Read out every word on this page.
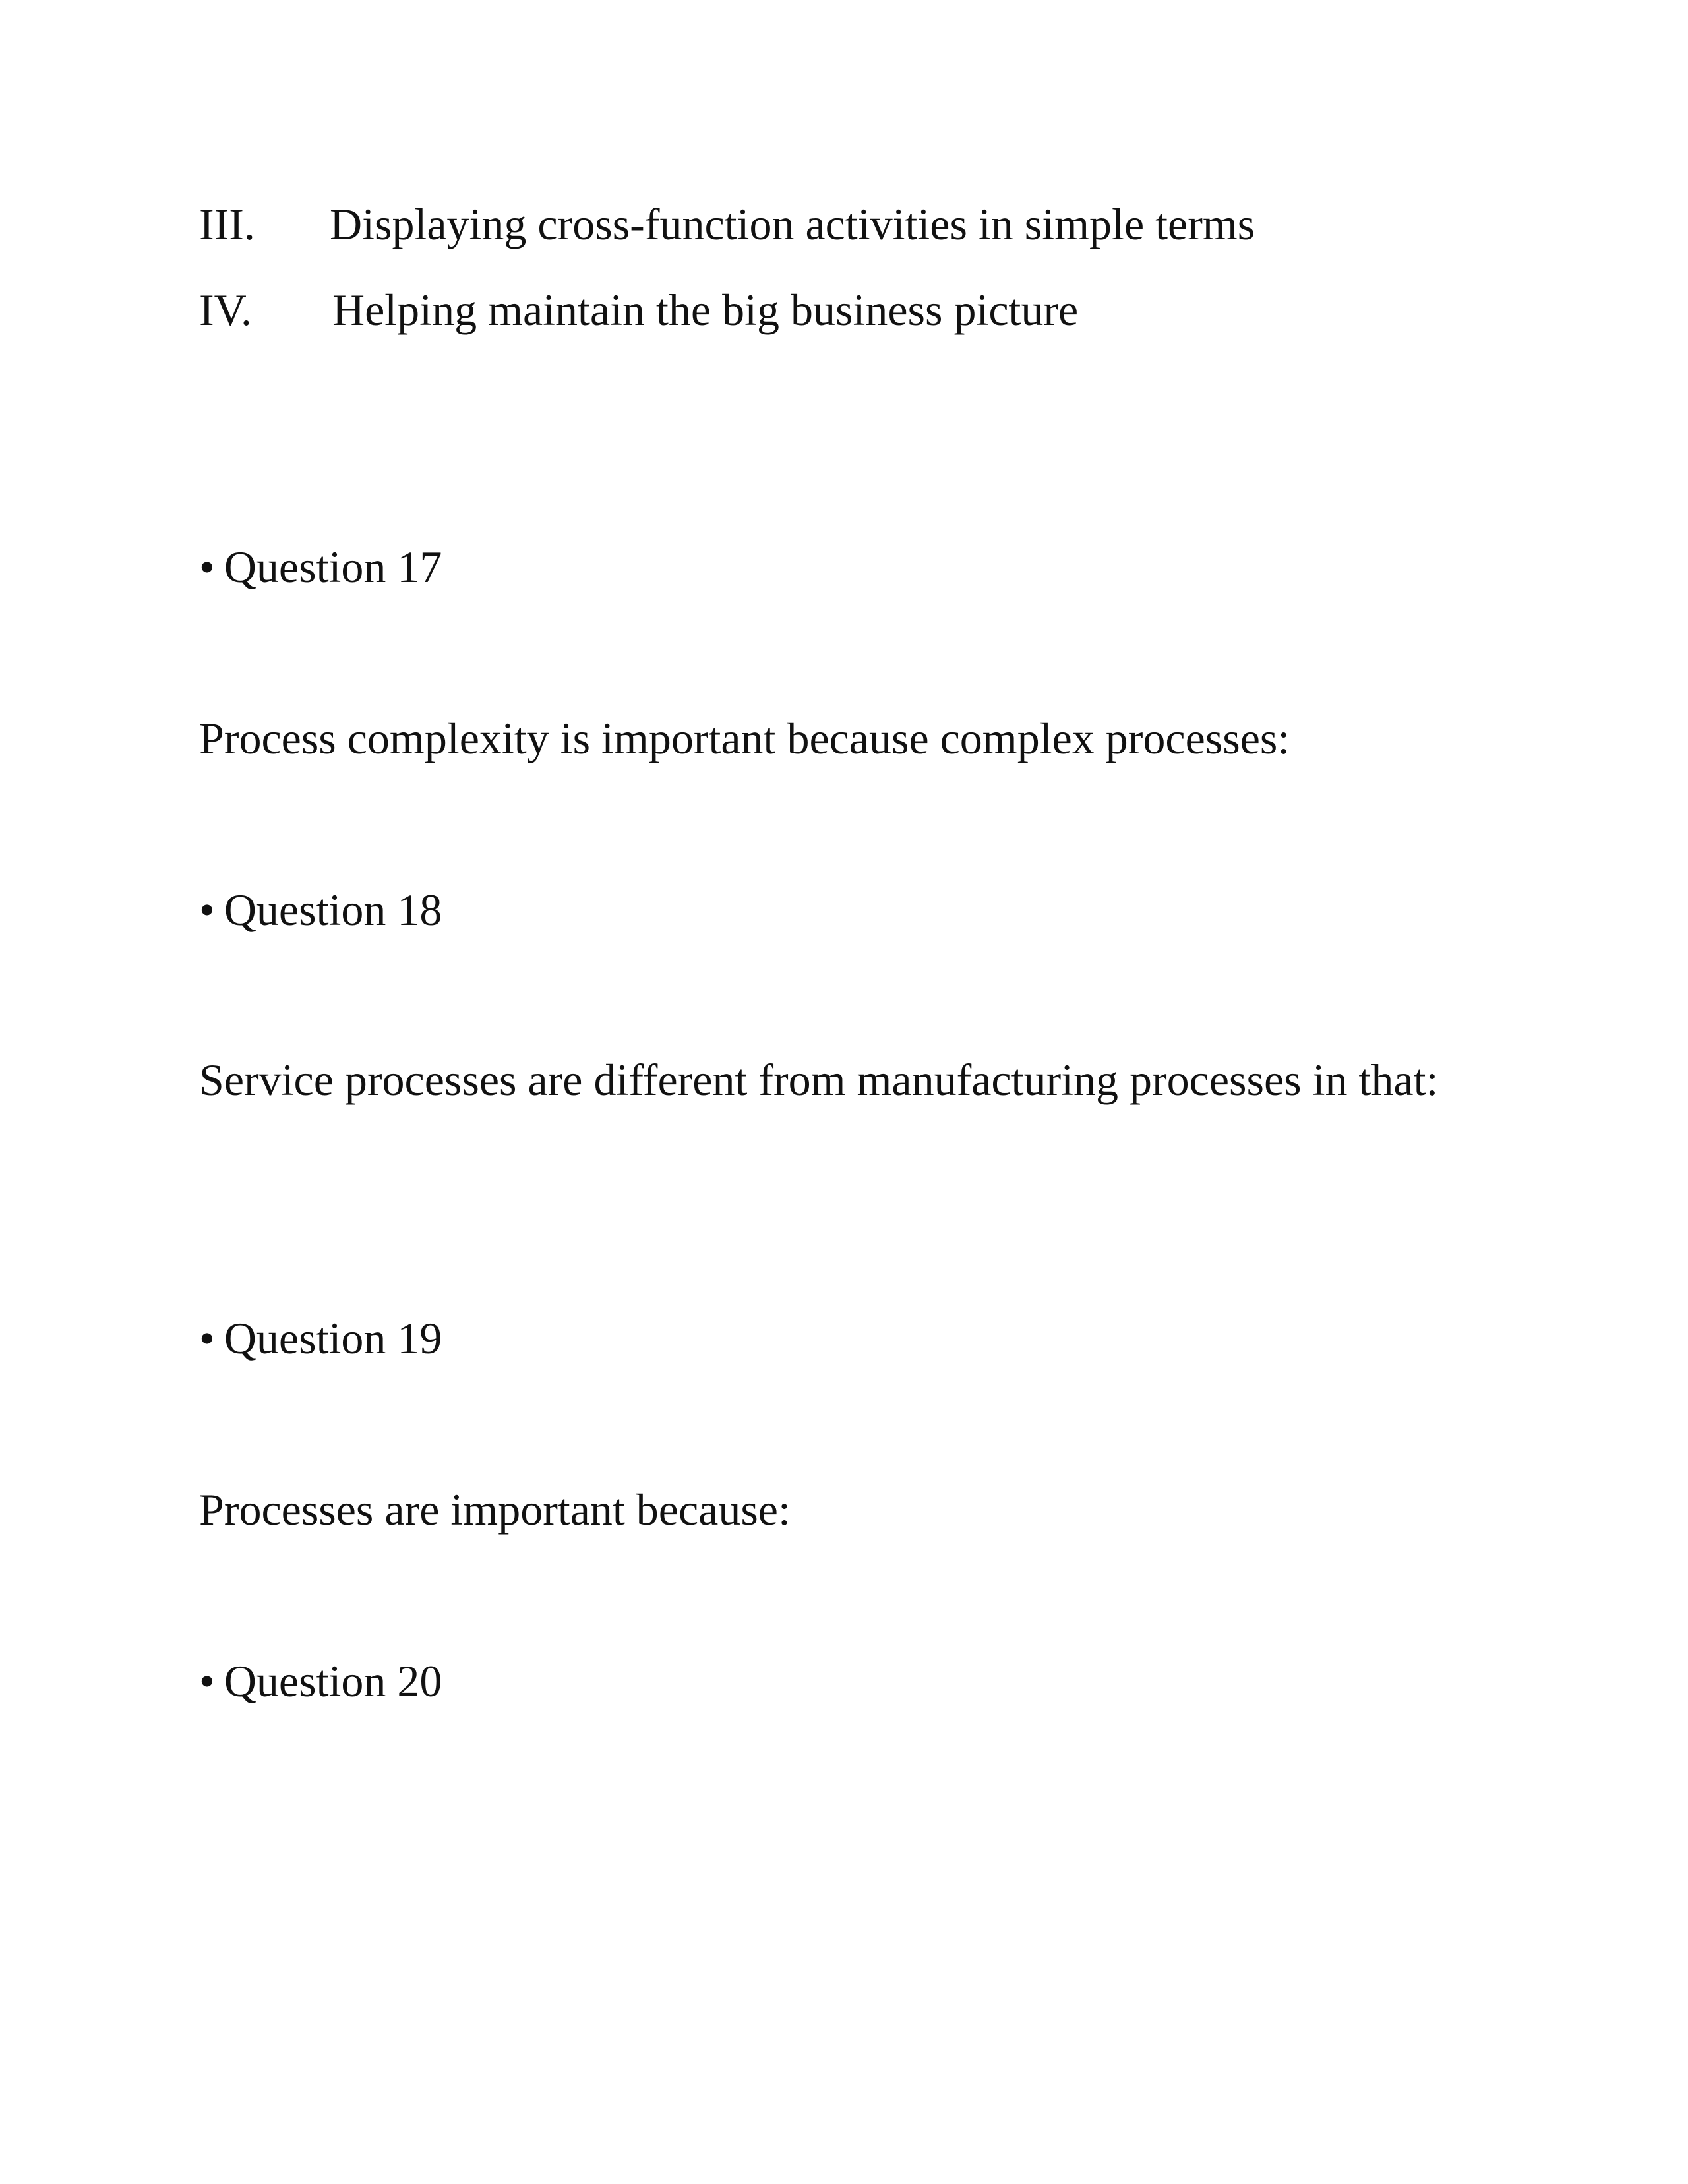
III. Displaying cross-function activities in simple terms
IV. Helping maintain the big business picture
• Question 17
Process complexity is important because complex processes:
• Question 18
Service processes are different from manufacturing processes in that:
• Question 19
Processes are important because:
• Question 20
